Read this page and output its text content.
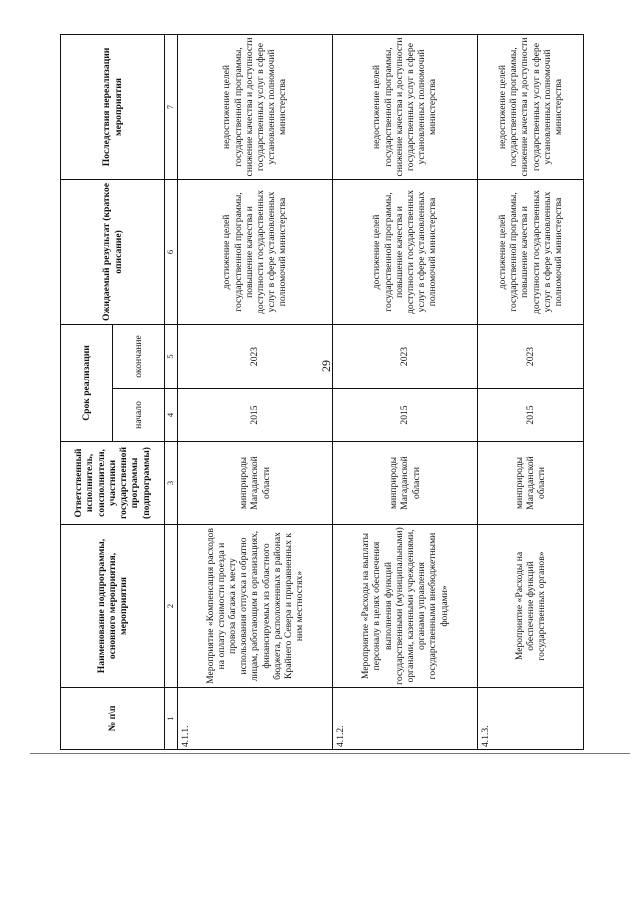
29
№ п\п	Наименование подпрограммы, основного мероприятия, мероприятия	Ответственный исполнитель, соисполнители, участники государственной программы (подпрограммы)	Срок реализации		Ожидаемый результат (краткое описание)	Последствия нереализации мероприятия
			начало	окончание		
1	2	3	4	5	6	7
4.1.1.	Мероприятие «Компенсация расходов на оплату стоимости проезда и провоза багажа к месту использования отпуска и обратно лицам, работающим в организациях, финансируемых из областного бюджета, расположенных в районах Крайнего Севера и приравненных к ним местностях»	минприроды Магаданской области	2015	2023	достижение целей государственной программы, повышение качества и доступности государственных услуг в сфере установленных полномочий министерства	недостижение целей государственной программы, снижение качества и доступности государственных услуг в сфере установленных полномочий министерства
4.1.2.	Мероприятие «Расходы на выплаты персоналу в целях обеспечения выполнения функций государственными (муниципальными) органами, казенными учреждениями, органами управления государственными внебюджетными фондами»	минприроды Магаданской области	2015	2023	достижение целей государственной программы, повышение качества и доступности государственных услуг в сфере установленных полномочий министерства	недостижение целей государственной программы, снижение качества и доступности государственных услуг в сфере установленных полномочий министерства
4.1.3.	Мероприятие «Расходы на обеспечение функций государственных органов»	минприроды Магаданской области	2015	2023	достижение целей государственной программы, повышение качества и доступности государственных услуг в сфере установленных полномочий министерства	недостижение целей государственной программы, снижение качества и доступности государственных услуг в сфере установленных полномочий министерства
